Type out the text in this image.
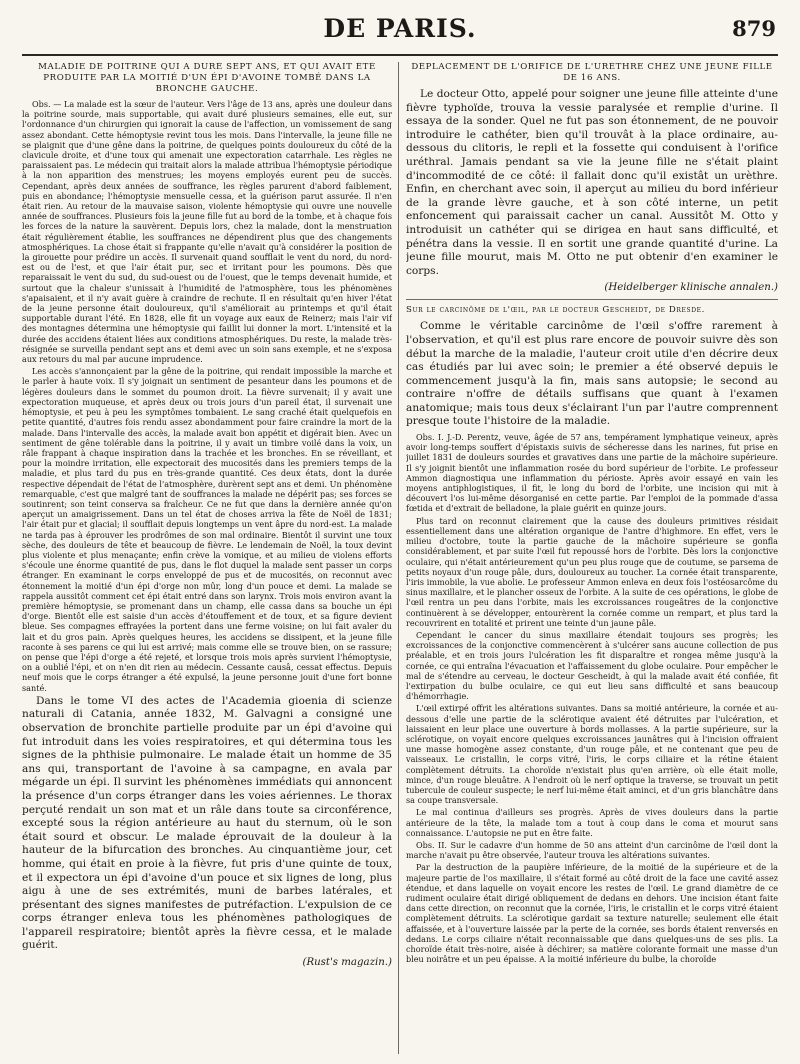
DE PARIS.	879

MALADIE DE POITRINE QUI A DURÉ SEPT ANS, ET QUI AVAIT ÉTÉ PRODUITE PAR LA MOITIÉ D'UN ÉPI D'AVOINE TOMBÉ DANS LA BRONCHE GAUCHE.

Obs. — La malade est la sœur de l'auteur. Vers l'âge de 13 ans, après une douleur dans la poitrine sourde, mais supportable, qui avait duré plusieurs semaines, elle eut, sur l'ordonnance d'un chirurgien qui ignorait la cause de l'affection, un vomissement de sang assez abondant. Cette hémoptysie revint tous les mois. Dans l'intervalle, la jeune fille ne se plaignit que d'une gêne dans la poitrine, de quelques points douloureux du côté de la clavicule droite, et d'une toux qui amenait une expectoration catarrhale. Les règles ne paraissaient pas. Le médecin qui traitait alors la malade attribua l'hémoptysie périodique à la non apparition des menstrues; les moyens employés eurent peu de succès. Cependant, après deux années de souffrance, les règles parurent d'abord faiblement, puis en abondance; l'hémoptysie mensuelle cessa, et la guérison parut assurée. Il n'en était rien. Au retour de la mauvaise saison, violente hémoptysie qui ouvre une nouvelle année de souffrances. Plusieurs fois la jeune fille fut au bord de la tombe, et à chaque fois les forces de la nature la sauvèrent. Depuis lors, chez la malade, dont la menstruation était régulièrement établie, les souffrances ne dépendirent plus que des changements atmosphériques. La chose était si frappante qu'elle n'avait qu'à considérer la position de la girouette pour prédire un accès. Il survenait quand soufflait le vent du nord, du nord-est ou de l'est, et que l'air était pur, sec et irritant pour les poumons. Dès que reparaissait le vent du sud, du sud-ouest ou de l'ouest, que le temps devenait humide, et surtout que la chaleur s'unissait à l'humidité de l'atmosphère, tous les phénomènes s'apaisaient, et il n'y avait guère à craindre de rechute. Il en résultait qu'en hiver l'état de la jeune personne était douloureux, qu'il s'améliorait au printemps et qu'il était supportable durant l'été. En 1828, elle fit un voyage aux eaux de Reinerz; mais l'air vif des montagnes détermina une hémoptysie qui faillit lui donner la mort. L'intensité et la durée des accidens étaient liées aux conditions atmosphériques. Du reste, la malade très-résignée se surveilla pendant sept ans et demi avec un soin sans exemple, et ne s'exposa aux retours du mal par aucune imprudence.

Les accès s'annonçaient par la gêne de la poitrine, qui rendait impossible la marche et le parler à haute voix. Il s'y joignait un sentiment de pesanteur dans les poumons et de légères douleurs dans le sommet du poumon droit. La fièvre survenait; il y avait une expectoration muqueuse, et après deux ou trois jours d'un pareil état, il survenait une hémoptysie, et peu à peu les symptômes tombaient. Le sang craché était quelquefois en petite quantité, d'autres fois rendu assez abondamment pour faire craindre la mort de la malade. Dans l'intervalle des accès, la malade avait bon appétit et digérait bien. Avec un sentiment de gêne tolérable dans la poitrine, il y avait un timbre voilé dans la voix, un râle frappant à chaque inspiration dans la trachée et les bronches. En se réveillant, et pour la moindre irritation, elle expectorait des mucosités dans les premiers temps de la maladie, et plus tard du pus en très-grande quantité. Ces deux états, dont la durée respective dépendait de l'état de l'atmosphère, durèrent sept ans et demi. Un phénomène remarquable, c'est que malgré tant de souffrances la malade ne dépérit pas; ses forces se soutinrent; son teint conserva sa fraîcheur. Ce ne fut que dans la dernière année qu'on aperçut un amaigrissement. Dans un tel état de choses arriva la fête de Noël de 1831; l'air était pur et glacial; il soufflait depuis longtemps un vent âpre du nord-est. La malade ne tarda pas à éprouver les prodrômes de son mal ordinaire. Bientôt il survint une toux sèche, des douleurs de tête et beaucoup de fièvre. Le lendemain de Noël, la toux devint plus violente et plus menaçante; enfin crève la vomique, et au milieu de violens efforts s'écoule une énorme quantité de pus, dans le flot duquel la malade sent passer un corps étranger. En examinant le corps enveloppé de pus et de mucosités, on reconnut avec étonnement la moitié d'un épi d'orge non mûr, long d'un pouce et demi. La malade se rappela aussitôt comment cet épi était entré dans son larynx. Trois mois environ avant la première hémoptysie, se promenant dans un champ, elle cassa dans sa bouche un épi d'orge. Bientôt elle est saisie d'un accès d'étouffement et de toux, et sa figure devient bleue. Ses compagnes effrayées la portent dans une ferme voisine; on lui fait avaler du lait et du gros pain. Après quelques heures, les accidens se dissipent, et la jeune fille raconte à ses parens ce qui lui est arrivé; mais comme elle se trouve bien, on se rassure; on pense que l'épi d'orge a été rejeté, et lorsque trois mois après survient l'hémoptysie, on a oublié l'épi, et on n'en dit rien au médecin. Cessante causâ, cessat effectus. Depuis neuf mois que le corps étranger a été expulsé, la jeune personne jouit d'une fort bonne santé.

Dans le tome VI des actes de l'Academia gioenia di scienze naturali di Catania, année 1832, M. Galvagni a consigné une observation de bronchite partielle produite par un épi d'avoine qui fut introduit dans les voies respiratoires, et qui détermina tous les signes de la phthisie pulmonaire. Le malade était un homme de 35 ans qui, transportant de l'avoine à sa campagne, en avala par mégarde un épi. Il survint les phénomènes immédiats qui annoncent la présence d'un corps étranger dans les voies aériennes. Le thorax perçuté rendait un son mat et un râle dans toute sa circonférence, excepté sous la région antérieure au haut du sternum, où le son était sourd et obscur. Le malade éprouvait de la douleur à la hauteur de la bifurcation des bronches. Au cinquantième jour, cet homme, qui était en proie à la fièvre, fut pris d'une quinte de toux, et il expectora un épi d'avoine d'un pouce et six lignes de long, plus aigu à une de ses extrémités, muni de barbes latérales, et présentant des signes manifestes de putréfaction. L'expulsion de ce corps étranger enleva tous les phénomènes pathologiques de l'appareil respiratoire; bientôt après la fièvre cessa, et le malade guérit.

(Rust's magazin.)

DÉPLACEMENT DE L'ORIFICE DE L'URÈTHRE CHEZ UNE JEUNE FILLE DE 16 ANS.

Le docteur Otto, appelé pour soigner une jeune fille atteinte d'une fièvre typhoïde, trouva la vessie paralysée et remplie d'urine. Il essaya de la sonder. Quel ne fut pas son étonnement, de ne pouvoir introduire le cathéter, bien qu'il trouvât à la place ordinaire, au-dessous du clitoris, le repli et la fossette qui conduisent à l'orifice uréthral. Jamais pendant sa vie la jeune fille ne s'était plaint d'incommodité de ce côté: il fallait donc qu'il existât un urèthre. Enfin, en cherchant avec soin, il aperçut au milieu du bord inférieur de la grande lèvre gauche, et à son côté interne, un petit enfoncement qui paraissait cacher un canal. Aussitôt M. Otto y introduisit un cathéter qui se dirigea en haut sans difficulté, et pénétra dans la vessie. Il en sortit une grande quantité d'urine. La jeune fille mourut, mais M. Otto ne put obtenir d'en examiner le corps.

(Heidelberger klinische annalen.)

Sur le carcinôme de l'œil, par le docteur Gescheidt, de Dresde.

Comme le véritable carcinôme de l'œil s'offre rarement à l'observation, et qu'il est plus rare encore de pouvoir suivre dès son début la marche de la maladie, l'auteur croit utile d'en décrire deux cas étudiés par lui avec soin; le premier a été observé depuis le commencement jusqu'à la fin, mais sans autopsie; le second au contraire n'offre de détails suffisans que quant à l'examen anatomique; mais tous deux s'éclairant l'un par l'autre comprennent presque toute l'histoire de la maladie.

Obs. I. J.-D. Perentz, veuve, âgée de 57 ans, tempérament lymphatique veineux, après avoir long-temps souffert d'épistaxis suivis de sécheresse dans les narines, fut prise en juillet 1831 de douleurs sourdes et gravatives dans une partie de la mâchoire supérieure. Il s'y joignit bientôt une inflammation rosée du bord supérieur de l'orbite. Le professeur Ammon diagnostiqua une inflammation du périoste. Après avoir essayé en vain les moyens antiphlogistiques, il fit, le long du bord de l'orbite, une incision qui mit à découvert l'os lui-même désorganisé en cette partie. Par l'emploi de la pommade d'assa fœtida et d'extrait de belladone, la plaie guérit en quinze jours.

Plus tard on reconnut clairement que la cause des douleurs primitives résidait essentiellement dans une altération organique de l'antre d'highmore. En effet, vers le milieu d'octobre, toute la partie gauche de la mâchoire supérieure se gonfla considérablement, et par suite l'œil fut repoussé hors de l'orbite. Dès lors la conjonctive oculaire, qui n'était antérieurement qu'un peu plus rouge que de coutume, se parsema de petits noyaux d'un rouge pâle, durs, douloureux au toucher. La cornée était transparente, l'iris immobile, la vue abolie. Le professeur Ammon enleva en deux fois l'ostéosarcôme du sinus maxillaire, et le plancher osseux de l'orbite. A la suite de ces opérations, le globe de l'œil rentra un peu dans l'orbite, mais les excroissances rougeâtres de la conjonctive continuèrent à se développer, entourèrent la cornée comme un rempart, et plus tard la recouvrirent en totalité et prirent une teinte d'un jaune pâle.

Cependant le cancer du sinus maxillaire étendait toujours ses progrès; les excroissances de la conjonctive commencèrent à s'ulcérer sans aucune collection de pus préalable, et en trois jours l'ulcération les fit disparaître et rongea même jusqu'à la cornée, ce qui entraîna l'évacuation et l'affaissement du globe oculaire. Pour empêcher le mal de s'étendre au cerveau, le docteur Gescheidt, à qui la malade avait été confiée, fit l'extirpation du bulbe oculaire, ce qui eut lieu sans difficulté et sans beaucoup d'hémorrhagie.

L'œil extirpé offrit les altérations suivantes. Dans sa moitié antérieure, la cornée et au-dessous d'elle une partie de la sclérotique avaient été détruites par l'ulcération, et laissaient en leur place une ouverture à bords mollasses. A la partie supérieure, sur la sclérotique, on voyait encore quelques excroissances jaunâtres qui à l'incision offraient une masse homogène assez constante, d'un rouge pâle, et ne contenant que peu de vaisseaux. Le cristallin, le corps vitré, l'iris, le corps ciliaire et la rétine étaient complètement détruits. La choroïde n'existait plus qu'en arrière, où elle était molle, mince, d'un rouge bleuâtre. A l'endroit où le nerf optique la traverse, se trouvait un petit tubercule de couleur suspecte; le nerf lui-même était aminci, et d'un gris blanchâtre dans sa coupe transversale.

Le mal continua d'ailleurs ses progrès. Après de vives douleurs dans la partie antérieure de la tête, la malade tom a tout à coup dans le coma et mourut sans connaissance. L'autopsie ne put en être faite.

Obs. II. Sur le cadavre d'un homme de 50 ans atteint d'un carcinôme de l'œil dont la marche n'avait pu être observée, l'auteur trouva les altérations suivantes.

Par la destruction de la paupière inférieure, de la moitié de la supérieure et de la majeure partie de l'os maxillaire, il s'était formé au côté droit de la face une cavité assez étendue, et dans laquelle on voyait encore les restes de l'œil. Le grand diamètre de ce rudiment oculaire était dirigé obliquement de dedans en dehors. Une incision étant faite dans cette direction, on reconnut que la cornée, l'iris, le cristallin et le corps vitré étaient complètement détruits. La sclérotique gardait sa texture naturelle; seulement elle était affaissée, et à l'ouverture laissée par la perte de la cornée, ses bords étaient renversés en dedans. Le corps ciliaire n'était reconnaissable que dans quelques-uns de ses plis. La choroïde était très-noire, aisée à déchirer; sa matière colorante formait une masse d'un bleu noirâtre et un peu épaisse. A la moitié inférieure du bulbe, la choroïde
